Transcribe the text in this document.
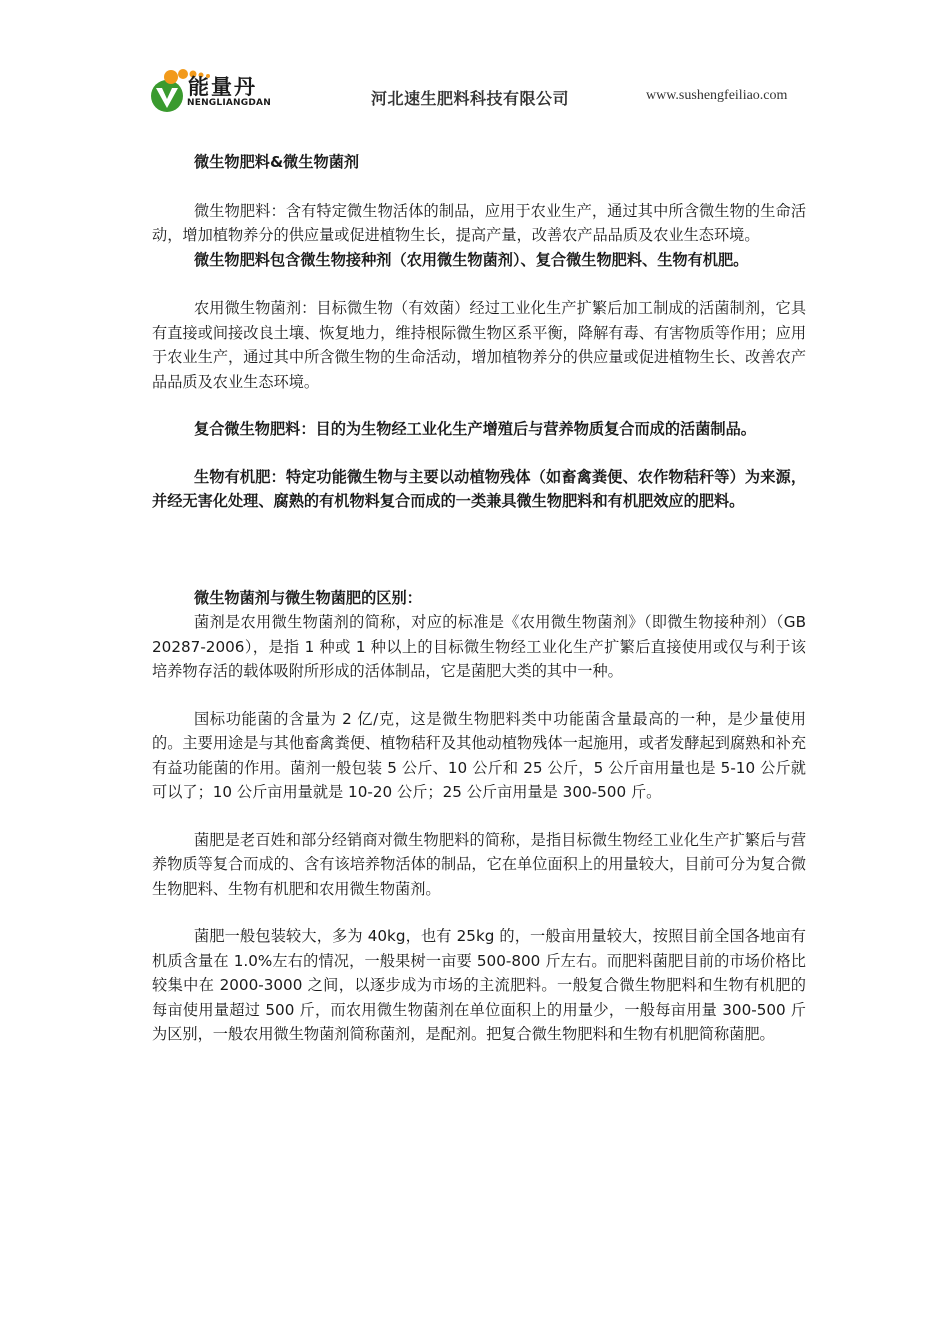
能量丹
NENGLIANGDAN	河北速生肥料科技有限公司	www.sushengfeiliao.com

微生物肥料&微生物菌剂

微生物肥料：含有特定微生物活体的制品，应用于农业生产，通过其中所含微生物的生命活动，增加植物养分的供应量或促进植物生长，提高产量，改善农产品品质及农业生态环境。

微生物肥料包含微生物接种剂（农用微生物菌剂）、复合微生物肥料、生物有机肥。

农用微生物菌剂：目标微生物（有效菌）经过工业化生产扩繁后加工制成的活菌制剂，它具有直接或间接改良土壤、恢复地力，维持根际微生物区系平衡，降解有毒、有害物质等作用；应用于农业生产，通过其中所含微生物的生命活动，增加植物养分的供应量或促进植物生长、改善农产品品质及农业生态环境。

复合微生物肥料：目的为生物经工业化生产增殖后与营养物质复合而成的活菌制品。

生物有机肥：特定功能微生物与主要以动植物残体（如畜禽粪便、农作物秸秆等）为来源，并经无害化处理、腐熟的有机物料复合而成的一类兼具微生物肥料和有机肥效应的肥料。

微生物菌剂与微生物菌肥的区别：

菌剂是农用微生物菌剂的简称，对应的标准是《农用微生物菌剂》（即微生物接种剂）（GB 20287-2006），是指 1 种或 1 种以上的目标微生物经工业化生产扩繁后直接使用或仅与利于该培养物存活的载体吸附所形成的活体制品，它是菌肥大类的其中一种。

国标功能菌的含量为 2 亿/克，这是微生物肥料类中功能菌含量最高的一种，是少量使用的。主要用途是与其他畜禽粪便、植物秸秆及其他动植物残体一起施用，或者发酵起到腐熟和补充有益功能菌的作用。菌剂一般包装 5 公斤、10 公斤和 25 公斤，5 公斤亩用量也是 5-10 公斤就可以了；10 公斤亩用量就是 10-20 公斤；25 公斤亩用量是 300-500 斤。

菌肥是老百姓和部分经销商对微生物肥料的简称，是指目标微生物经工业化生产扩繁后与营养物质等复合而成的、含有该培养物活体的制品，它在单位面积上的用量较大，目前可分为复合微生物肥料、生物有机肥和农用微生物菌剂。

菌肥一般包装较大，多为 40kg，也有 25kg 的，一般亩用量较大，按照目前全国各地亩有机质含量在 1.0%左右的情况，一般果树一亩要 500-800 斤左右。而肥料菌肥目前的市场价格比较集中在 2000-3000 之间，以逐步成为市场的主流肥料。一般复合微生物肥料和生物有机肥的每亩使用量超过 500 斤，而农用微生物菌剂在单位面积上的用量少，一般每亩用量 300-500 斤为区别，一般农用微生物菌剂简称菌剂，是配剂。把复合微生物肥料和生物有机肥简称菌肥。
